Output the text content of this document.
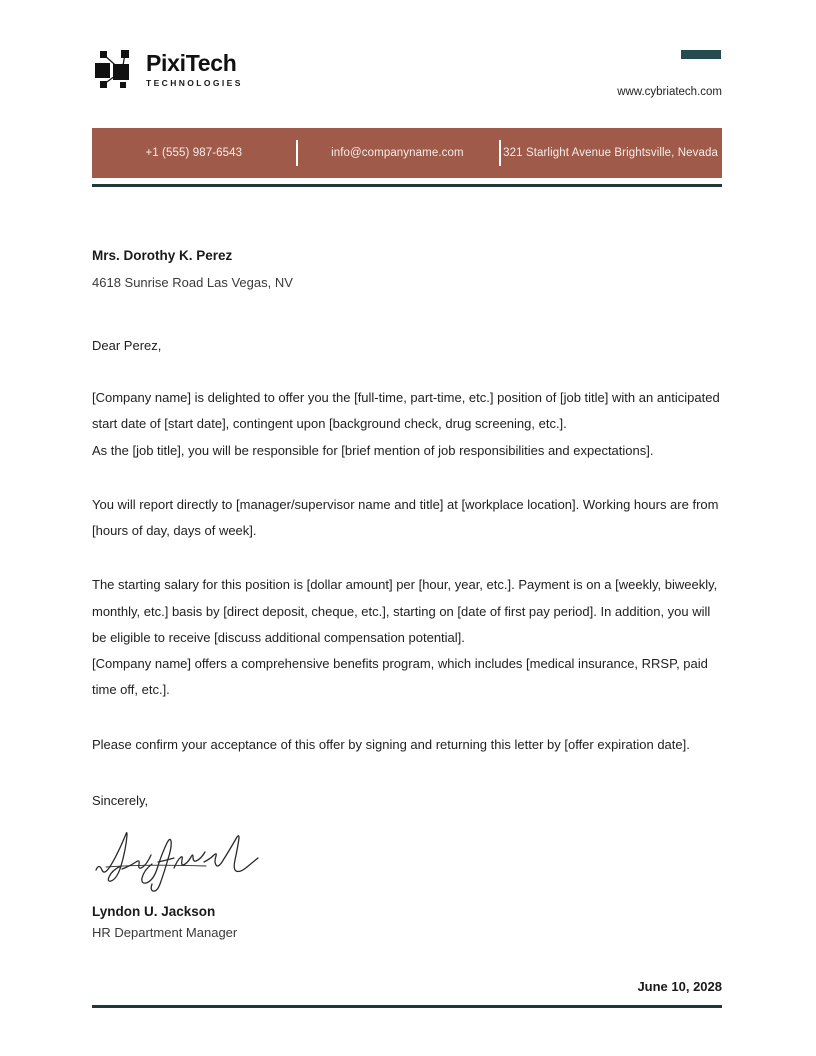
PixiTech
TECHNOLOGIES
www.cybriatech.com
+1 (555) 987-6543	info@companyname.com	321 Starlight Avenue Brightsville, Nevada

Mrs. Dorothy K. Perez

4618 Sunrise Road Las Vegas, NV

Dear Perez,

[Company name] is delighted to offer you the [full-time, part-time, etc.] position of [job title] with an anticipated start date of [start date], contingent upon [background check, drug screening, etc.].

As the [job title], you will be responsible for [brief mention of job responsibilities and expectations].

You will report directly to [manager/supervisor name and title] at [workplace location]. Working hours are from [hours of day, days of week].

The starting salary for this position is [dollar amount] per [hour, year, etc.]. Payment is on a [weekly, biweekly, monthly, etc.] basis by [direct deposit, cheque, etc.], starting on [date of first pay period]. In addition, you will be eligible to receive [discuss additional compensation potential].

[Company name] offers a comprehensive benefits program, which includes [medical insurance, RRSP, paid time off, etc.].

Please confirm your acceptance of this offer by signing and returning this letter by [offer expiration date].

Sincerely,

Lyndon U. Jackson

HR Department Manager

June 10, 2028
